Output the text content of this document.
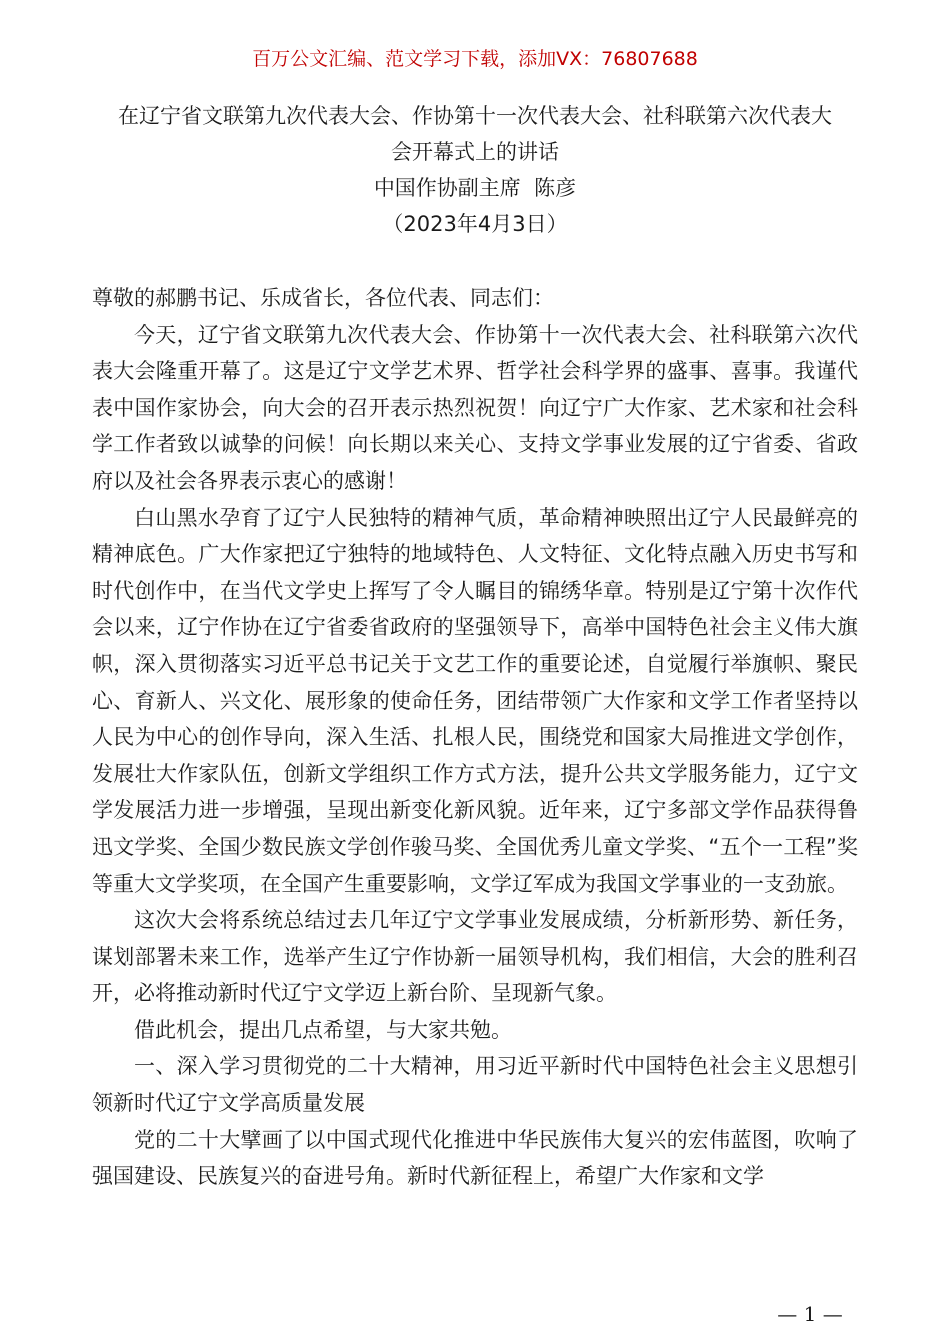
百万公文汇编、范文学习下载，添加VX：76807688
在辽宁省文联第九次代表大会、作协第十一次代表大会、社科联第六次代表大
会开幕式上的讲话
中国作协副主席  陈彦
（2023年4月3日）

尊敬的郝鹏书记、乐成省长，各位代表、同志们：

今天，辽宁省文联第九次代表大会、作协第十一次代表大会、社科联第六次代表大会隆重开幕了。这是辽宁文学艺术界、哲学社会科学界的盛事、喜事。我谨代表中国作家协会，向大会的召开表示热烈祝贺！向辽宁广大作家、艺术家和社会科学工作者致以诚挚的问候！向长期以来关心、支持文学事业发展的辽宁省委、省政府以及社会各界表示衷心的感谢！

白山黑水孕育了辽宁人民独特的精神气质，革命精神映照出辽宁人民最鲜亮的精神底色。广大作家把辽宁独特的地域特色、人文特征、文化特点融入历史书写和时代创作中，在当代文学史上挥写了令人瞩目的锦绣华章。特别是辽宁第十次作代会以来，辽宁作协在辽宁省委省政府的坚强领导下，高举中国特色社会主义伟大旗帜，深入贯彻落实习近平总书记关于文艺工作的重要论述，自觉履行举旗帜、聚民心、育新人、兴文化、展形象的使命任务，团结带领广大作家和文学工作者坚持以人民为中心的创作导向，深入生活、扎根人民，围绕党和国家大局推进文学创作，发展壮大作家队伍，创新文学组织工作方式方法，提升公共文学服务能力，辽宁文学发展活力进一步增强，呈现出新变化新风貌。近年来，辽宁多部文学作品获得鲁迅文学奖、全国少数民族文学创作骏马奖、全国优秀儿童文学奖、“五个一工程”奖等重大文学奖项，在全国产生重要影响，文学辽军成为我国文学事业的一支劲旅。

这次大会将系统总结过去几年辽宁文学事业发展成绩，分析新形势、新任务，谋划部署未来工作，选举产生辽宁作协新一届领导机构，我们相信，大会的胜利召开，必将推动新时代辽宁文学迈上新台阶、呈现新气象。

借此机会，提出几点希望，与大家共勉。

一、深入学习贯彻党的二十大精神，用习近平新时代中国特色社会主义思想引领新时代辽宁文学高质量发展

党的二十大擘画了以中国式现代化推进中华民族伟大复兴的宏伟蓝图，吹响了强国建设、民族复兴的奋进号角。新时代新征程上，希望广大作家和文学

— 1 —
